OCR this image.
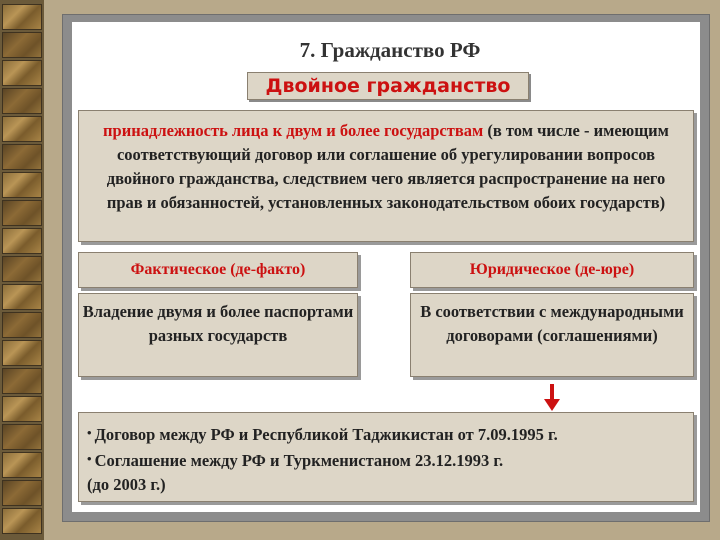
7. Гражданство РФ
Двойное гражданство
принадлежность лица к двум и более государствам (в том числе - имеющим соответствующий договор или соглашение об урегулировании вопросов двойного гражданства, следствием чего является распространение на него прав и обязанностей, установленных законодательством обоих государств)
Фактическое (де-факто)	Юридическое (де-юре)
Владение двумя и более паспортами разных государств
В соответствии с международными договорами (соглашениями)
• Договор между РФ и Республикой Таджикистан от 7.09.1995 г.
• Соглашение между РФ и Туркменистаном 23.12.1993 г.
(до 2003 г.)
